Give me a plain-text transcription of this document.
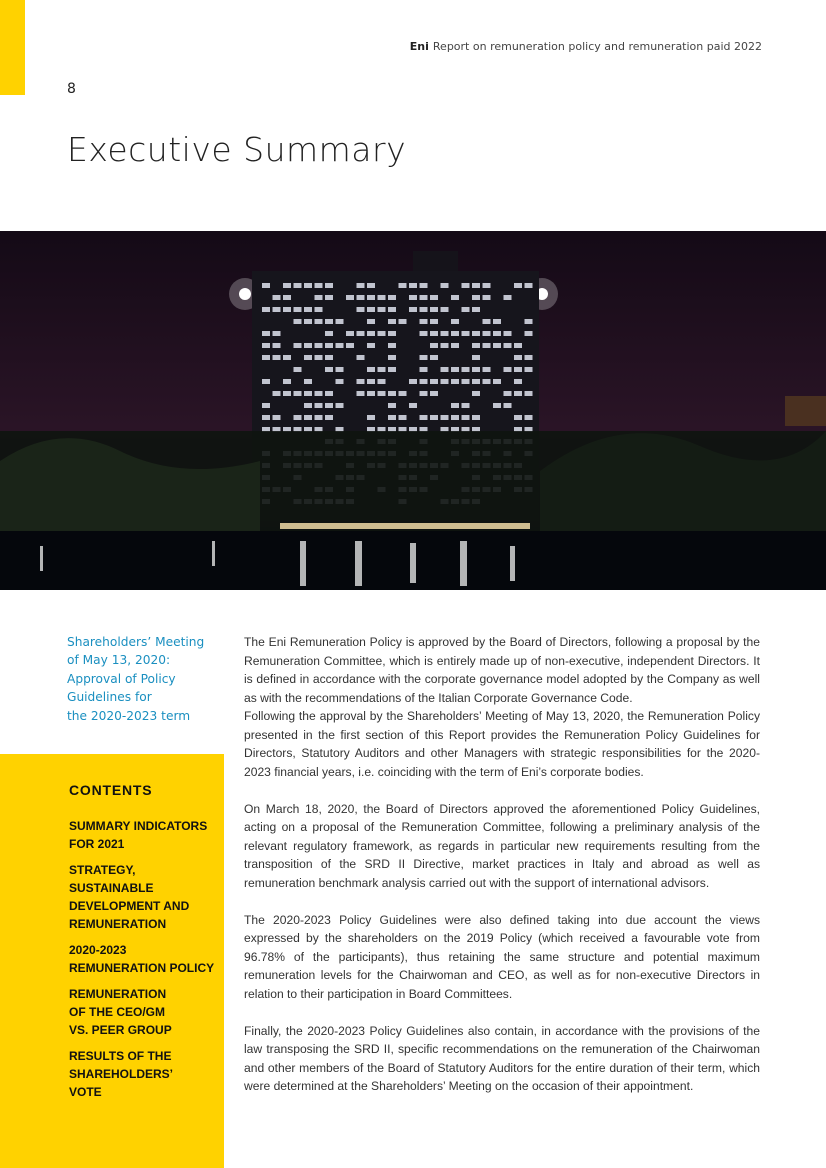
Eni Report on remuneration policy and remuneration paid 2022
8
Executive Summary
Shareholders’ Meeting
of May 13, 2020:
Approval of Policy
Guidelines for
the 2020-2023 term
CONTENTS
SUMMARY INDICATORS FOR 2021
STRATEGY, SUSTAINABLE DEVELOPMENT AND REMUNERATION
2020-2023 REMUNERATION POLICY
REMUNERATION OF THE CEO/GM VS. PEER GROUP
RESULTS OF THE SHAREHOLDERS’ VOTE

The Eni Remuneration Policy is approved by the Board of Directors, following a proposal by the Remuneration Committee, which is entirely made up of non-executive, independent Directors. It is defined in accordance with the corporate governance model adopted by the Company as well as with the recommendations of the Italian Corporate Governance Code.

Following the approval by the Shareholders’ Meeting of May 13, 2020, the Remuneration Policy presented in the first section of this Report provides the Remuneration Policy Guidelines for Directors, Statutory Auditors and other Managers with strategic responsibilities for the 2020-2023 financial years, i.e. coinciding with the term of Eni’s corporate bodies.

On March 18, 2020, the Board of Directors approved the aforementioned Policy Guidelines, acting on a proposal of the Remuneration Committee, following a preliminary analysis of the relevant regulatory framework, as regards in particular new requirements resulting from the transposition of the SRD II Directive, market practices in Italy and abroad as well as remuneration benchmark analysis carried out with the support of international advisors.

The 2020-2023 Policy Guidelines were also defined taking into due account the views expressed by the shareholders on the 2019 Policy (which received a favourable vote from 96.78% of the participants), thus retaining the same structure and potential maximum remuneration levels for the Chairwoman and CEO, as well as for non-executive Directors in relation to their participation in Board Committees.

Finally, the 2020-2023 Policy Guidelines also contain, in accordance with the provisions of the law transposing the SRD II, specific recommendations on the remuneration of the Chairwoman and other members of the Board of Statutory Auditors for the entire duration of their term, which were determined at the Shareholders’ Meeting on the occasion of their appointment.
